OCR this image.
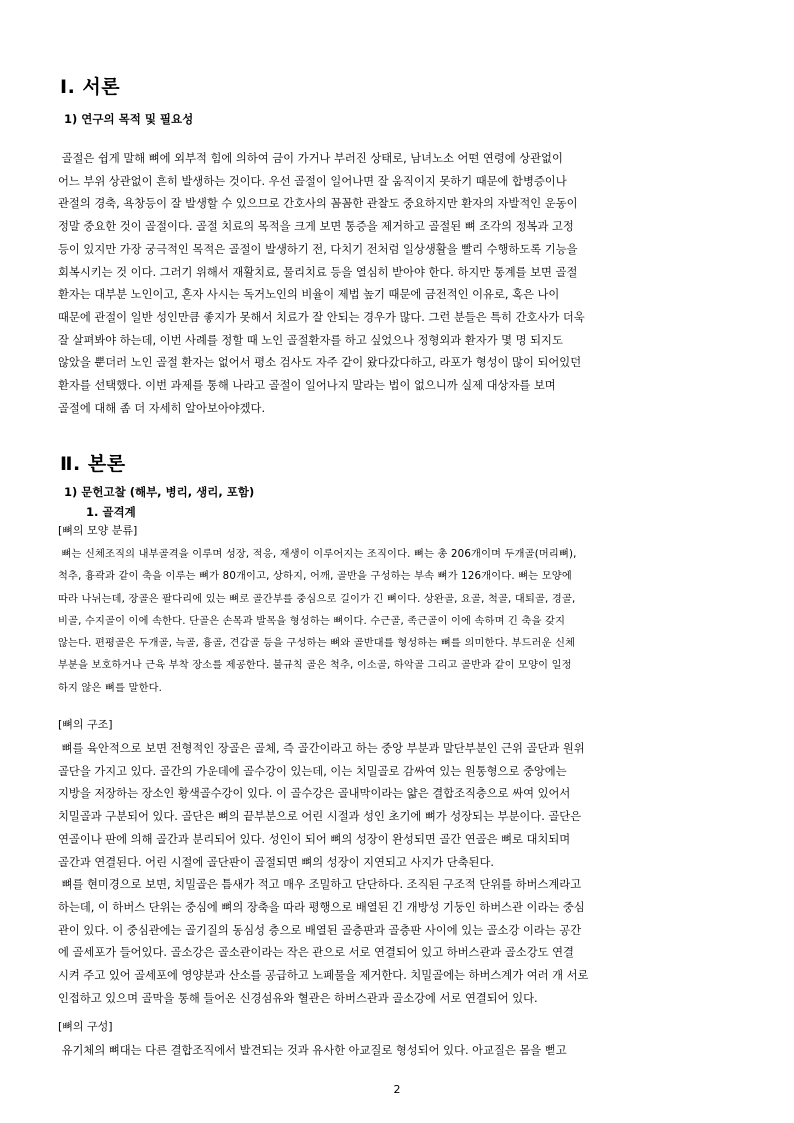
Ⅰ. 서론
1) 연구의 목적 및 필요성
골절은 쉽게 말해 뼈에 외부적 힘에 의하여 금이 가거나 부러진 상태로, 남녀노소 어떤 연령에 상관없이
어느 부위 상관없이 흔히 발생하는 것이다. 우선 골절이 일어나면 잘 움직이지 못하기 때문에 합병증이나
관절의 경축, 욕창등이 잘 발생할 수 있으므로 간호사의 꼼꼼한 관찰도 중요하지만 환자의 자발적인 운동이
정말 중요한 것이 골절이다. 골절 치료의 목적을 크게 보면 통증을 제거하고 골절된 뼈 조각의 정복과 고정
등이 있지만 가장 궁극적인 목적은 골절이 발생하기 전, 다치기 전처럼 일상생활을 빨리 수행하도록 기능을
회복시키는 것 이다. 그러기 위해서 재활치료, 물리치료 등을 열심히 받아야 한다. 하지만 통계를 보면 골절
환자는 대부분 노인이고, 혼자 사시는 독거노인의 비율이 제법 높기 때문에 금전적인 이유로, 혹은 나이
때문에 관절이 일반 성인만큼 좋지가 못해서 치료가 잘 안되는 경우가 많다. 그런 분들은 특히 간호사가 더욱
잘 살펴봐야 하는데, 이번 사례를 정할 때 노인 골절환자를 하고 싶었으나 정형외과 환자가 몇 명 되지도
않았을 뿐더러 노인 골절 환자는 없어서 평소 검사도 자주 같이 왔다갔다하고, 라포가 형성이 많이 되어있던
환자를 선택했다. 이번 과제를 통해 나라고 골절이 일어나지 말라는 법이 없으니까 실제 대상자를 보며
골절에 대해 좀 더 자세히 알아보아야겠다.
Ⅱ. 본론
1) 문헌고찰 (해부, 병리, 생리, 포함)
1. 골격계
[뼈의 모양 분류]
뼈는 신체조직의 내부골격을 이루며 성장, 적응, 재생이 이루어지는 조직이다. 뼈는 총 206개이며 두개골(머리뼈),
척추, 흉곽과 같이 축을 이루는 뼈가 80개이고, 상하지, 어깨, 골반을 구성하는 부속 뼈가 126개이다. 뼈는 모양에
따라 나뉘는데, 장골은 팔다리에 있는 뼈로 골간부를 중심으로 길이가 긴 뼈이다. 상완골, 요골, 척골, 대퇴골, 경골,
비골, 수지골이 이에 속한다. 단골은 손목과 발목을 형성하는 뼈이다. 수근골, 족근골이 이에 속하며 긴 축을 갖지
않는다. 편평골은 두개골, 늑골, 흉골, 견갑골 등을 구성하는 뼈와 골반대를 형성하는 뼈를 의미한다. 부드러운 신체
부분을 보호하거나 근육 부착 장소를 제공한다. 불규칙 골은 척추, 이소골, 하악골 그리고 골반과 같이 모양이 일정
하지 않은 뼈를 말한다.
[뼈의 구조]
뼈를 육안적으로 보면 전형적인 장골은 골체, 즉 골간이라고 하는 중앙 부분과 말단부분인 근위 골단과 원위
골단을 가지고 있다. 골간의 가운데에 골수강이 있는데, 이는 치밀골로 감싸여 있는 원통형으로 중앙에는
지방을 저장하는 장소인 황색골수강이 있다. 이 골수강은 골내막이라는 얇은 결합조직층으로 싸여 있어서
치밀골과 구분되어 있다. 골단은 뼈의 끝부분으로 어린 시절과 성인 초기에 뼈가 성장되는 부분이다. 골단은
연골이나 판에 의해 골간과 분리되어 있다. 성인이 되어 뼈의 성장이 완성되면 골간 연골은 뼈로 대치되며
골간과 연결된다. 어린 시절에 골단판이 골절되면 뼈의 성장이 지연되고 사지가 단축된다.
뼈를 현미경으로 보면, 치밀골은 틈새가 적고 매우 조밀하고 단단하다. 조직된 구조적 단위를 하버스계라고
하는데, 이 하버스 단위는 중심에 뼈의 장축을 따라 평행으로 배열된 긴 개방성 기둥인 하버스관 이라는 중심
관이 있다. 이 중심관에는 골기질의 동심성 층으로 배열된 골층판과 골층판 사이에 있는 골소강 이라는 공간
에 골세포가 들어있다. 골소강은 골소관이라는 작은 관으로 서로 연결되어 있고 하버스관과 골소강도 연결
시켜 주고 있어 골세포에 영양분과 산소를 공급하고 노폐물을 제거한다. 치밀골에는 하버스계가 여러 개 서로
인접하고 있으며 골막을 통해 들어온 신경섬유와 혈관은 하버스관과 골소강에 서로 연결되어 있다.
[뼈의 구성]
유기체의 뼈대는 다른 결합조직에서 발견되는 것과 유사한 아교질로 형성되어 있다. 아교질은 몸을 뻗고
2
